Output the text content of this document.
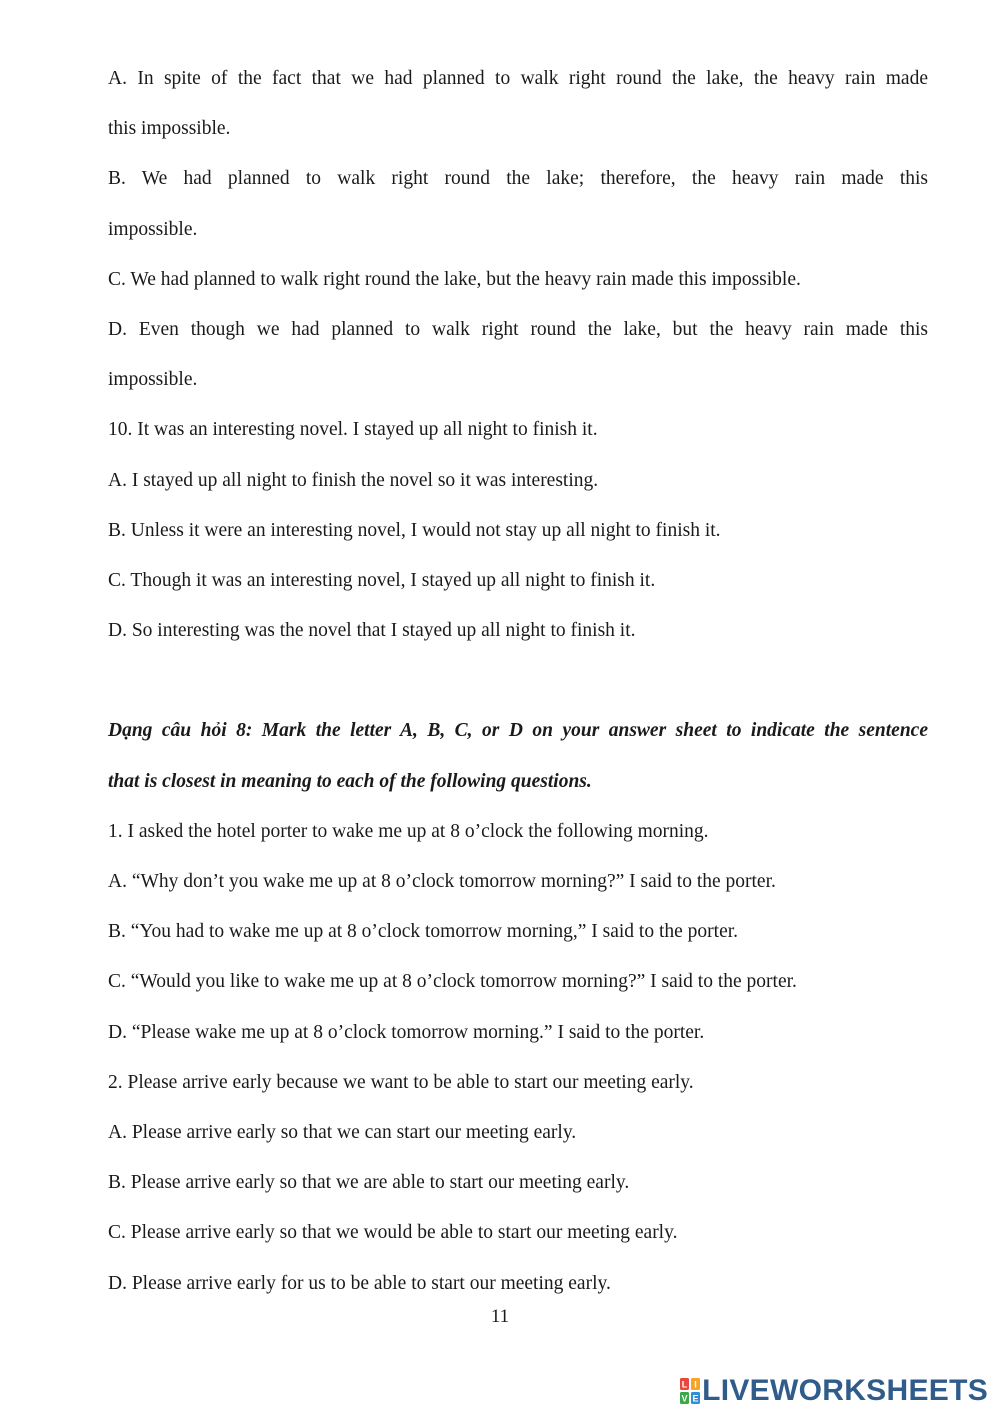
A. In spite of the fact that we had planned to walk right round the lake, the heavy rain made
this impossible.
B. We had planned to walk right round the lake; therefore, the heavy rain made this
impossible.
C. We had planned to walk right round the lake, but the heavy rain made this impossible.
D. Even though we had planned to walk right round the lake, but the heavy rain made this
impossible.
10. It was an interesting novel. I stayed up all night to finish it.
A. I stayed up all night to finish the novel so it was interesting.
B. Unless it were an interesting novel, I would not stay up all night to finish it.
C. Though it was an interesting novel, I stayed up all night to finish it.
D. So interesting was the novel that I stayed up all night to finish it.
Dạng câu hỏi 8: Mark the letter A, B, C, or D on your answer sheet to indicate the sentence
that is closest in meaning to each of the following questions.
1. I asked the hotel porter to wake me up at 8 o’clock the following morning.
A. “Why don’t you wake me up at 8 o’clock tomorrow morning?” I said to the porter.
B. “You had to wake me up at 8 o’clock tomorrow morning,” I said to the porter.
C. “Would you like to wake me up at 8 o’clock tomorrow morning?” I said to the porter.
D. “Please wake me up at 8 o’clock tomorrow morning.” I said to the porter.
2. Please arrive early because we want to be able to start our meeting early.
A. Please arrive early so that we can start our meeting early.
B. Please arrive early so that we are able to start our meeting early.
C. Please arrive early so that we would be able to start our meeting early.
D. Please arrive early for us to be able to start our meeting early.
11
L I
V E LIVEWORKSHEETS
